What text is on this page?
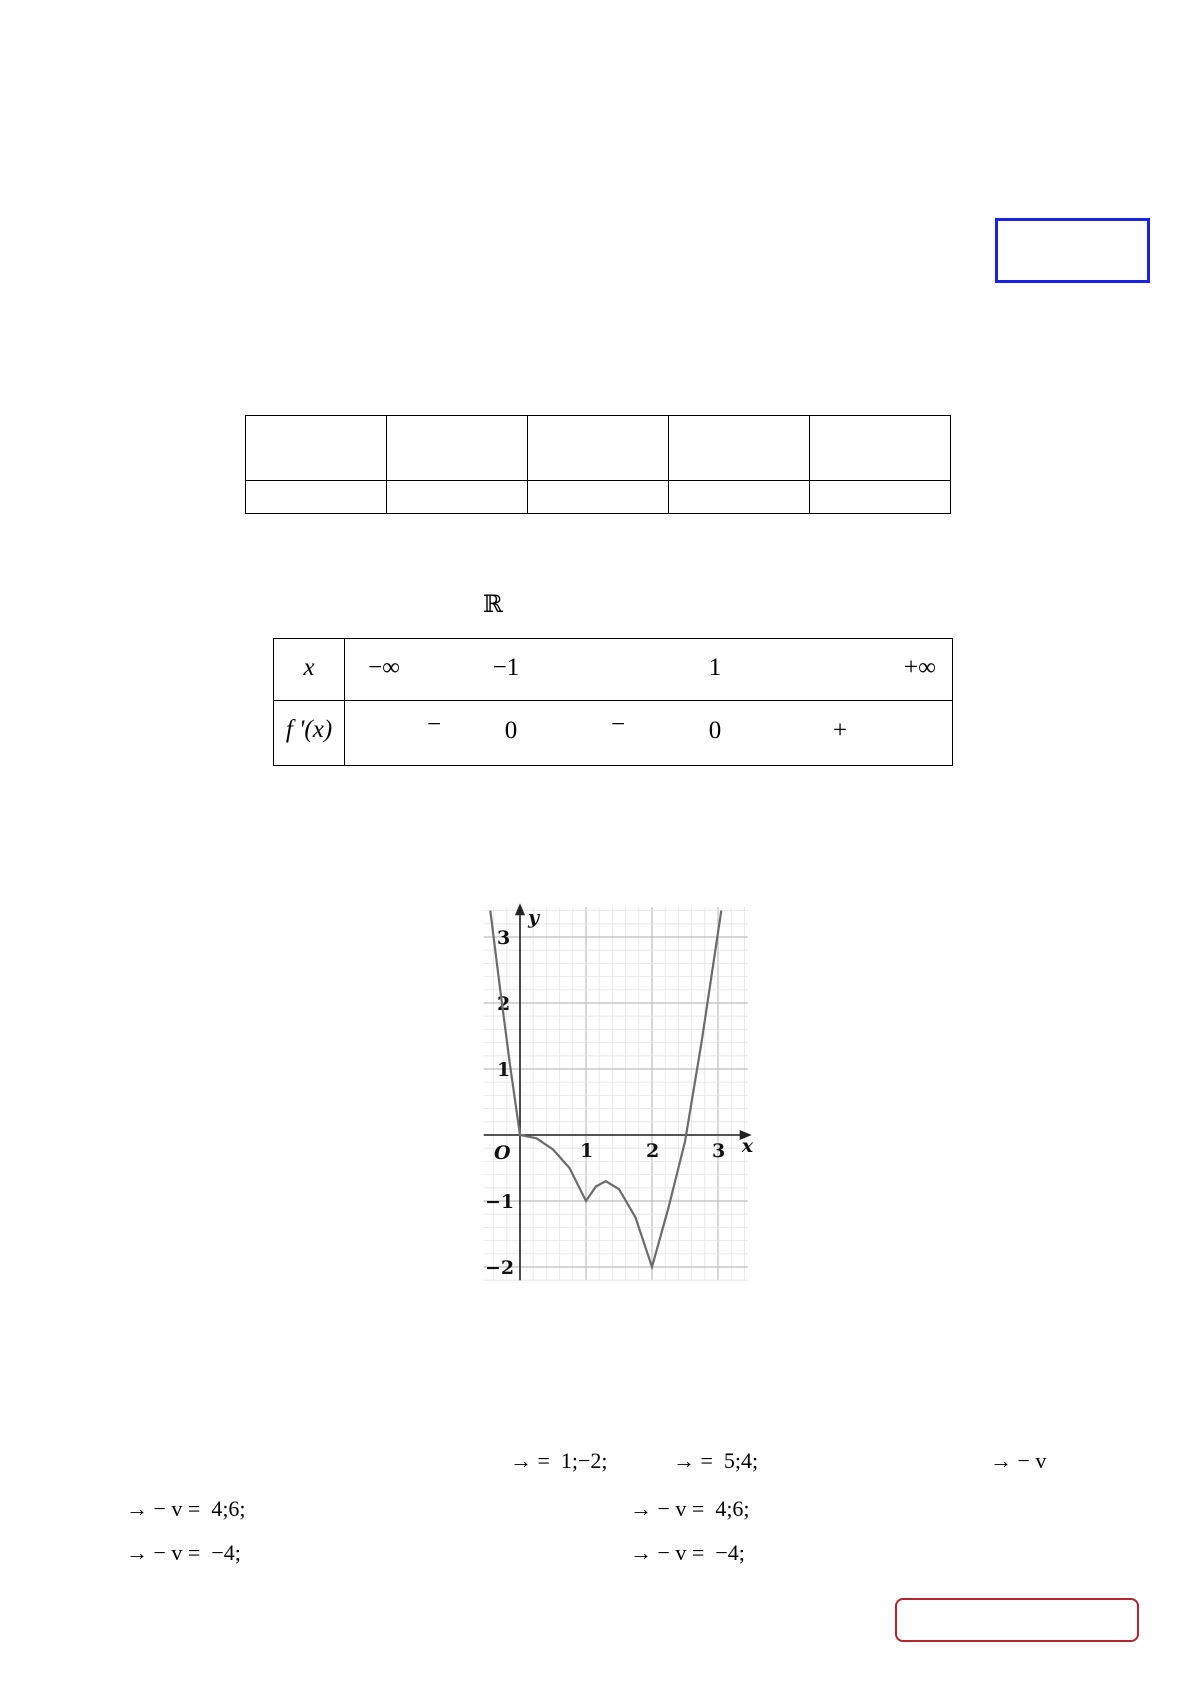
ℝ
x −∞	−1	1	+∞
f '(x)	−	0	−	0	+
1	2	3
3
2
1
−1
−2
O
y
x
→ =  1;−2;	→ =  5;4;	→ − v
→ − v =  4;6;	→ − v =  4;6;
→ − v =  −4;	→ − v =  −4;
